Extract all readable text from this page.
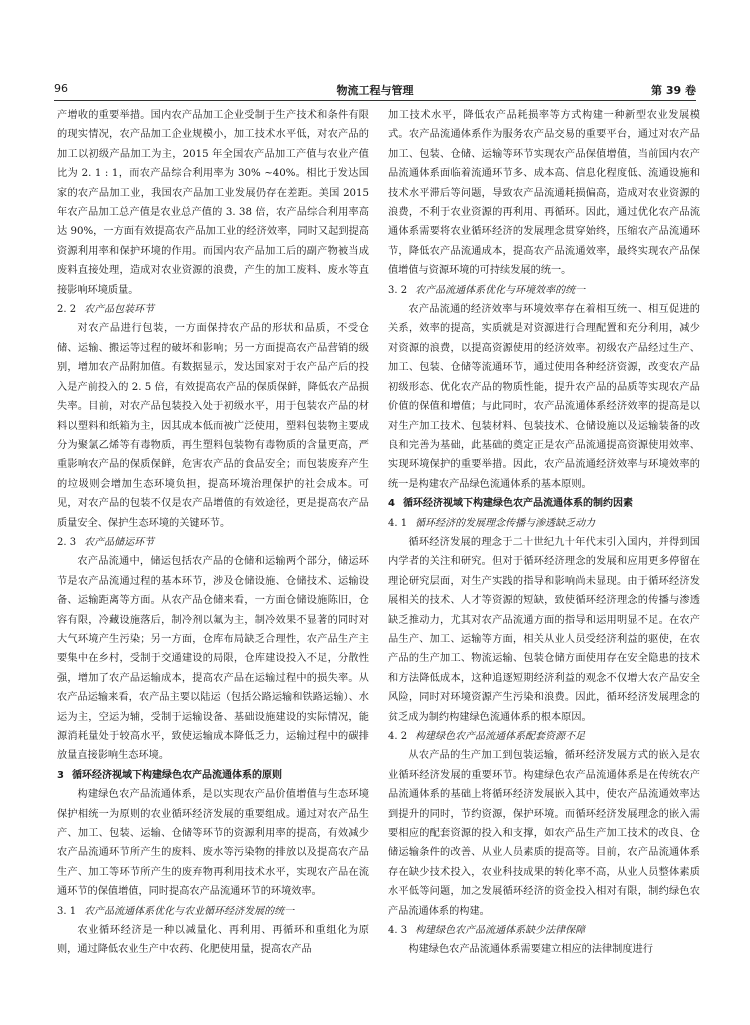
96	物流工程与管理	第 39 卷

产增收的重要举措。国内农产品加工企业受制于生产技术和条件有限的现实情况，农产品加工企业规模小，加工技术水平低，对农产品的加工以初级产品加工为主，2015 年全国农产品加工产值与农业产值比为 2. 1 : 1，而农产品综合利用率为 30% ~40%。相比于发达国家的农产品加工业，我国农产品加工业发展仍存在差距。美国 2015 年农产品加工总产值是农业总产值的 3. 38 倍，农产品综合利用率高达 90%，一方面有效提高农产品加工业的经济效率，同时又起到提高资源利用率和保护环境的作用。而国内农产品加工后的副产物被当成废料直接处理，造成对农业资源的浪费，产生的加工废料、废水等直接影响环境质量。

2. 2 农产品包装环节

对农产品进行包装，一方面保持农产品的形状和品质，不受仓储、运输、搬运等过程的破坏和影响；另一方面提高农产品营销的级别，增加农产品附加值。有数据显示，发达国家对于农产品产后的投入是产前投入的 2. 5 倍，有效提高农产品的保质保鲜，降低农产品损失率。目前，对农产品包装投入处于初级水平，用于包装农产品的材料以塑料和纸箱为主，因其成本低而被广泛使用，塑料包装物主要成分为聚氯乙烯等有毒物质，再生塑料包装物有毒物质的含量更高，严重影响农产品的保质保鲜，危害农产品的食品安全；而包装废弃产生的垃圾则会增加生态环境负担，提高环境治理保护的社会成本。可见，对农产品的包装不仅是农产品增值的有效途径，更是提高农产品质量安全、保护生态环境的关键环节。

2. 3 农产品储运环节

农产品流通中，储运包括农产品的仓储和运输两个部分，储运环节是农产品流通过程的基本环节，涉及仓储设施、仓储技术、运输设备、运输距离等方面。从农产品仓储来看，一方面仓储设施陈旧，仓容有限，冷藏设施落后，制冷剂以氟为主，制冷效果不显著的同时对大气环境产生污染；另一方面，仓库布局缺乏合理性，农产品生产主要集中在乡村，受制于交通建设的局限，仓库建设投入不足，分散性强，增加了农产品运输成本，提高农产品在运输过程中的损失率。从农产品运输来看，农产品主要以陆运（包括公路运输和铁路运输）、水运为主，空运为辅，受制于运输设备、基础设施建设的实际情况，能源消耗量处于较高水平，致使运输成本降低乏力，运输过程中的碳排放量直接影响生态环境。

3 循环经济视域下构建绿色农产品流通体系的原则

构建绿色农产品流通体系，是以实现农产品价值增值与生态环境保护相统一为原则的农业循环经济发展的重要组成。通过对农产品生产、加工、包装、运输、仓储等环节的资源利用率的提高，有效减少农产品流通环节所产生的废料、废水等污染物的排放以及提高农产品生产、加工等环节所产生的废弃物再利用技术水平，实现农产品在流通环节的保值增值，同时提高农产品流通环节的环境效率。

3. 1 农产品流通体系优化与农业循环经济发展的统一

农业循环经济是一种以减量化、再利用、再循环和重组化为原则，通过降低农业生产中农药、化肥使用量，提高农产品

加工技术水平，降低农产品耗损率等方式构建一种新型农业发展模式。农产品流通体系作为服务农产品交易的重要平台，通过对农产品加工、包装、仓储、运输等环节实现农产品保值增值，当前国内农产品流通体系面临着流通环节多、成本高、信息化程度低、流通设施和技术水平滞后等问题，导致农产品流通耗损偏高，造成对农业资源的浪费，不利于农业资源的再利用、再循环。因此，通过优化农产品流通体系需要将农业循环经济的发展理念贯穿始终，压缩农产品流通环节，降低农产品流通成本，提高农产品流通效率，最终实现农产品保值增值与资源环境的可持续发展的统一。

3. 2 农产品流通体系优化与环境效率的统一

农产品流通的经济效率与环境效率存在着相互统一、相互促进的关系，效率的提高，实质就是对资源进行合理配置和充分利用，减少对资源的浪费，以提高资源使用的经济效率。初级农产品经过生产、加工、包装、仓储等流通环节，通过使用各种经济资源，改变农产品初级形态、优化农产品的物质性能，提升农产品的品质等实现农产品价值的保值和增值；与此同时，农产品流通体系经济效率的提高是以对生产加工技术、包装材料、包装技术、仓储设施以及运输装备的改良和完善为基础，此基础的奠定正是农产品流通提高资源使用效率、实现环境保护的重要举措。因此，农产品流通经济效率与环境效率的统一是构建农产品绿色流通体系的基本原则。

4 循环经济视域下构建绿色农产品流通体系的制约因素
4. 1 循环经济的发展理念传播与渗透缺乏动力

循环经济发展的理念于二十世纪九十年代末引入国内，并得到国内学者的关注和研究。但对于循环经济理念的发展和应用更多停留在理论研究层面，对生产实践的指导和影响尚未显现。由于循环经济发展相关的技术、人才等资源的短缺，致使循环经济理念的传播与渗透缺乏推动力，尤其对农产品流通方面的指导和运用明显不足。在农产品生产、加工、运输等方面，相关从业人员受经济利益的驱使，在农产品的生产加工、物流运输、包装仓储方面使用存在安全隐患的技术和方法降低成本，这种追逐短期经济利益的观念不仅增大农产品安全风险，同时对环境资源产生污染和浪费。因此，循环经济发展理念的贫乏成为制约构建绿色流通体系的根本原因。

4. 2 构建绿色农产品流通体系配套资源不足

从农产品的生产加工到包装运输，循环经济发展方式的嵌入是农业循环经济发展的重要环节。构建绿色农产品流通体系是在传统农产品流通体系的基础上将循环经济发展嵌入其中，使农产品流通效率达到提升的同时，节约资源，保护环境。而循环经济发展理念的嵌入需要相应的配套资源的投入和支撑，如农产品生产加工技术的改良、仓储运输条件的改善、从业人员素质的提高等。目前，农产品流通体系存在缺少技术投入，农业科技成果的转化率不高，从业人员整体素质水平低等问题，加之发展循环经济的资金投入相对有限，制约绿色农产品流通体系的构建。

4. 3 构建绿色农产品流通体系缺少法律保障

构建绿色农产品流通体系需要建立相应的法律制度进行
